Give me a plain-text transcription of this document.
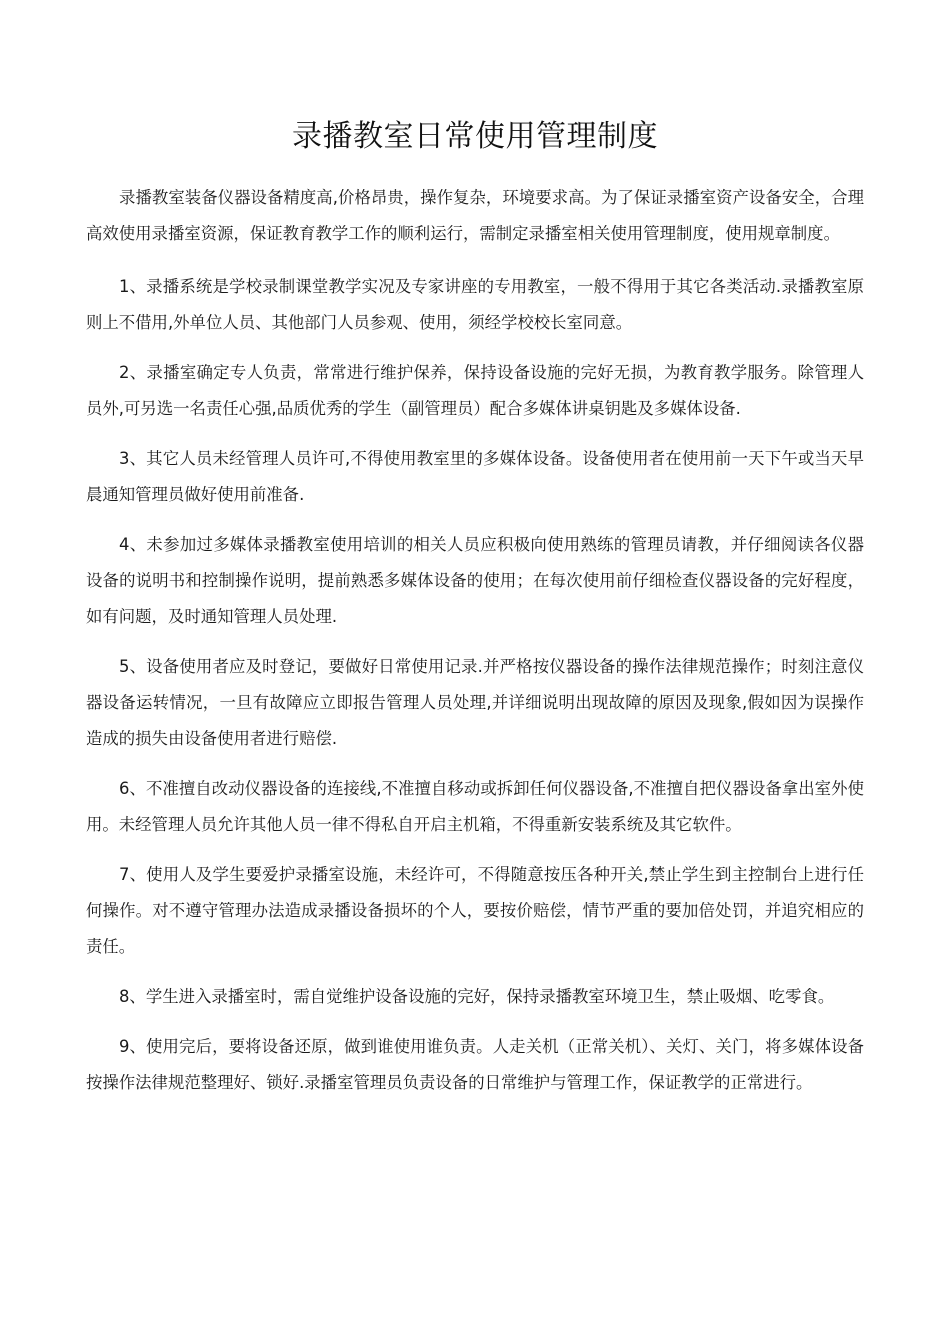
录播教室日常使用管理制度

录播教室装备仪器设备精度高,价格昂贵，操作复杂，环境要求高。为了保证录播室资产设备安全，合理高效使用录播室资源，保证教育教学工作的顺利运行，需制定录播室相关使用管理制度，使用规章制度。

1、录播系统是学校录制课堂教学实况及专家讲座的专用教室，一般不得用于其它各类活动.录播教室原则上不借用,外单位人员、其他部门人员参观、使用，须经学校校长室同意。

2、录播室确定专人负责，常常进行维护保养，保持设备设施的完好无损，为教育教学服务。除管理人员外,可另选一名责任心强,品质优秀的学生（副管理员）配合多媒体讲桌钥匙及多媒体设备.

3、其它人员未经管理人员许可,不得使用教室里的多媒体设备。设备使用者在使用前一天下午或当天早晨通知管理员做好使用前准备.

4、未参加过多媒体录播教室使用培训的相关人员应积极向使用熟练的管理员请教，并仔细阅读各仪器设备的说明书和控制操作说明，提前熟悉多媒体设备的使用；在每次使用前仔细检查仪器设备的完好程度，如有问题，及时通知管理人员处理.

5、设备使用者应及时登记，要做好日常使用记录.并严格按仪器设备的操作法律规范操作；时刻注意仪器设备运转情况，一旦有故障应立即报告管理人员处理,并详细说明出现故障的原因及现象,假如因为误操作造成的损失由设备使用者进行赔偿.

6、不准擅自改动仪器设备的连接线,不准擅自移动或拆卸任何仪器设备,不准擅自把仪器设备拿出室外使用。未经管理人员允许其他人员一律不得私自开启主机箱，不得重新安装系统及其它软件。

7、使用人及学生要爱护录播室设施，未经许可，不得随意按压各种开关,禁止学生到主控制台上进行任何操作。对不遵守管理办法造成录播设备损坏的个人，要按价赔偿，情节严重的要加倍处罚，并追究相应的责任。

8、学生进入录播室时，需自觉维护设备设施的完好，保持录播教室环境卫生，禁止吸烟、吃零食。

9、使用完后，要将设备还原，做到谁使用谁负责。人走关机（正常关机）、关灯、关门，将多媒体设备按操作法律规范整理好、锁好.录播室管理员负责设备的日常维护与管理工作，保证教学的正常进行。
